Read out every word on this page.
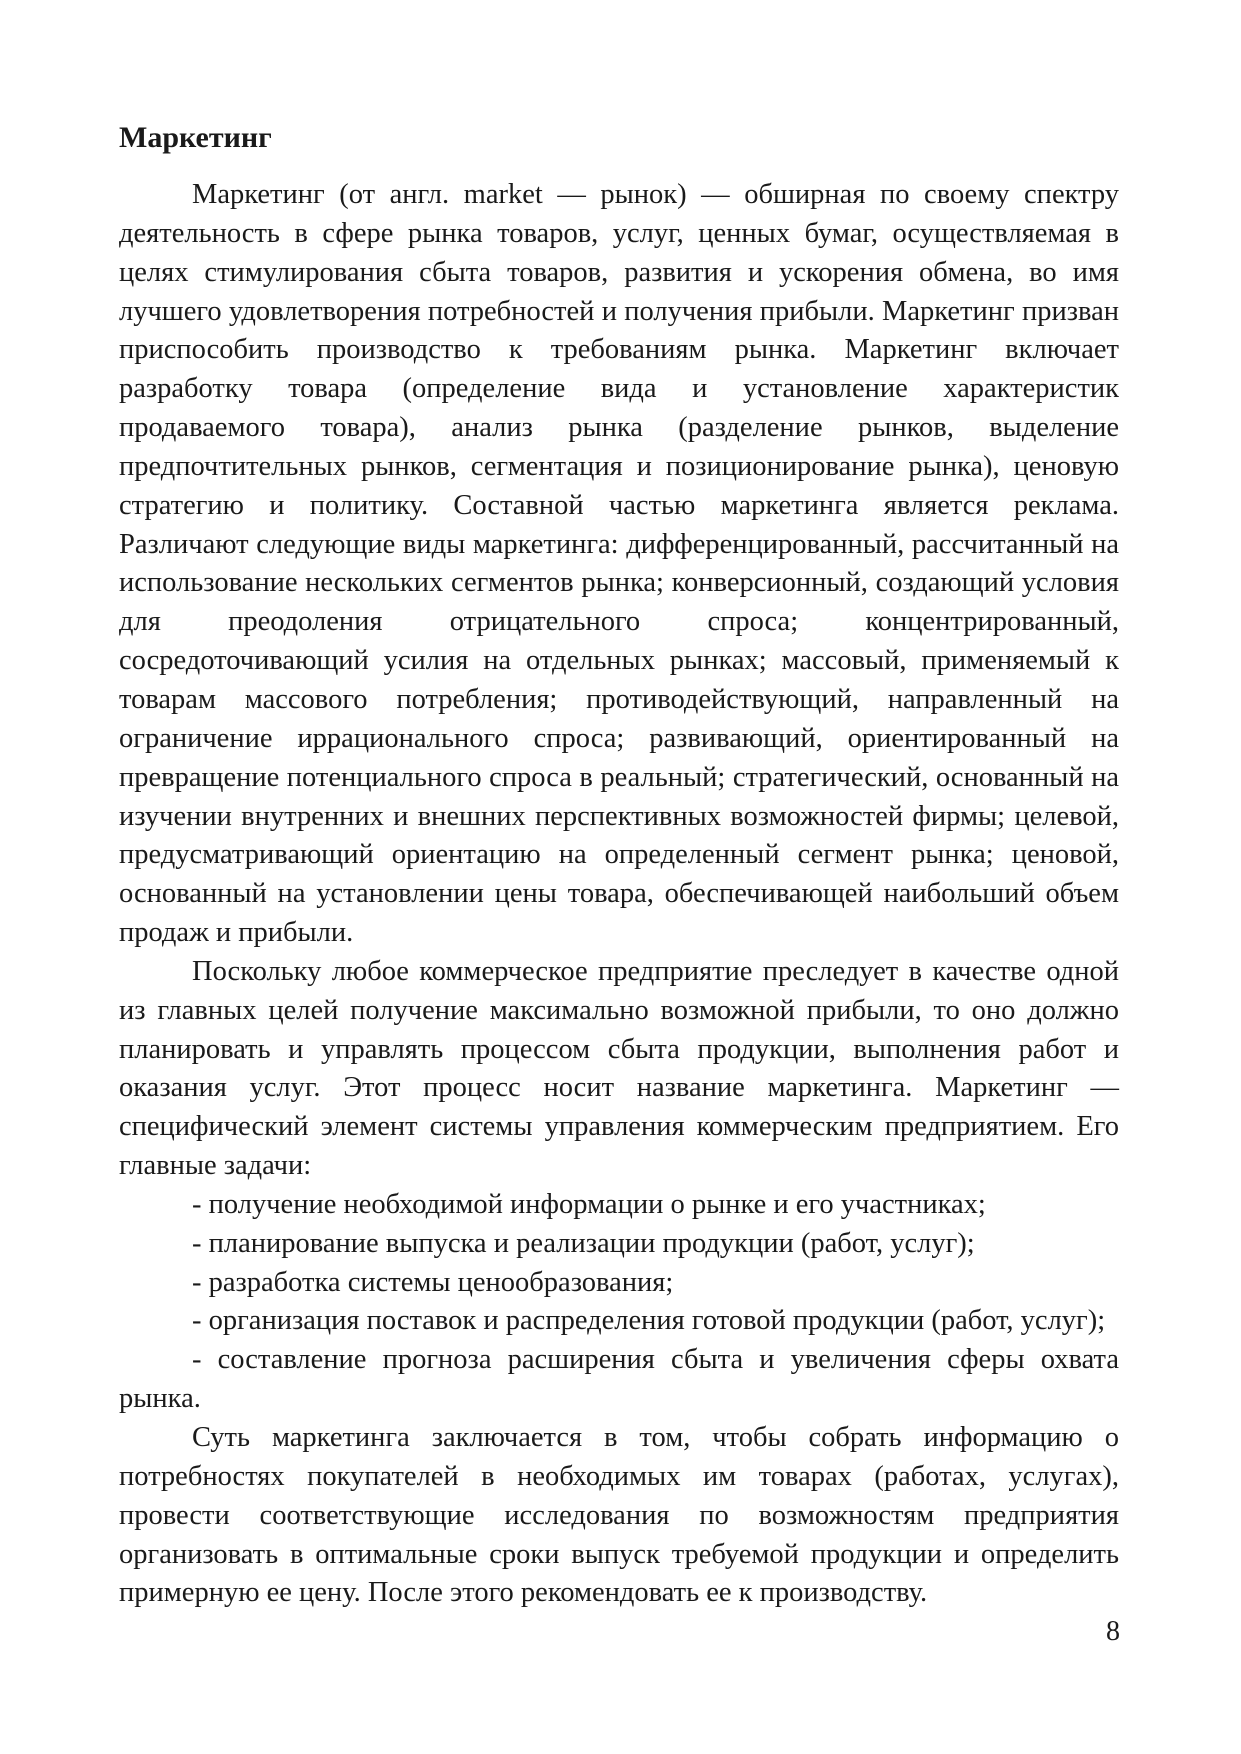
Маркетинг

Маркетинг (от англ. market — рынок) — обширная по своему спектру деятельность в сфере рынка товаров, услуг, ценных бумаг, осуществляемая в целях стимулирования сбыта товаров, развития и ускорения обмена, во имя лучшего удовлетворения потребностей и получения прибыли. Маркетинг призван приспособить производство к требованиям рынка. Маркетинг включает разработку товара (определение вида и установление характеристик продаваемого товара), анализ рынка (разделение рынков, выделение предпочтительных рынков, сегментация и позиционирование рынка), ценовую стратегию и политику. Составной частью маркетинга является реклама. Различают следующие виды маркетинга: дифференцированный, рассчитанный на использование нескольких сегментов рынка; конверсионный, создающий условия для преодоления отрицательного спроса; концентрированный, сосредоточивающий усилия на отдельных рынках; массовый, применяемый к товарам массового потребления; противодействующий, направленный на ограничение иррационального спроса; развивающий, ориентированный на превращение потенциального спроса в реальный; стратегический, основанный на изучении внутренних и внешних перспективных возможностей фирмы; целевой, предусматривающий ориентацию на определенный сегмент рынка; ценовой, основанный на установлении цены товара, обеспечивающей наибольший объем продаж и прибыли.

Поскольку любое коммерческое предприятие преследует в качестве одной из главных целей получение максимально возможной прибыли, то оно должно планировать и управлять процессом сбыта продукции, выполнения работ и оказания услуг. Этот процесс носит название маркетинга. Маркетинг — специфический элемент системы управления коммерческим предприятием. Его главные задачи:

- получение необходимой информации о рынке и его участниках;

- планирование выпуска и реализации продукции (работ, услуг);

- разработка системы ценообразования;

- организация поставок и распределения готовой продукции (работ, услуг);

- составление прогноза расширения сбыта и увеличения сферы охвата рынка.

Суть маркетинга заключается в том, чтобы собрать информацию о потребностях покупателей в необходимых им товарах (работах, услугах), провести соответствующие исследования по возможностям предприятия организовать в оптимальные сроки выпуск требуемой продукции и определить примерную ее цену. После этого рекомендовать ее к производству.

8
